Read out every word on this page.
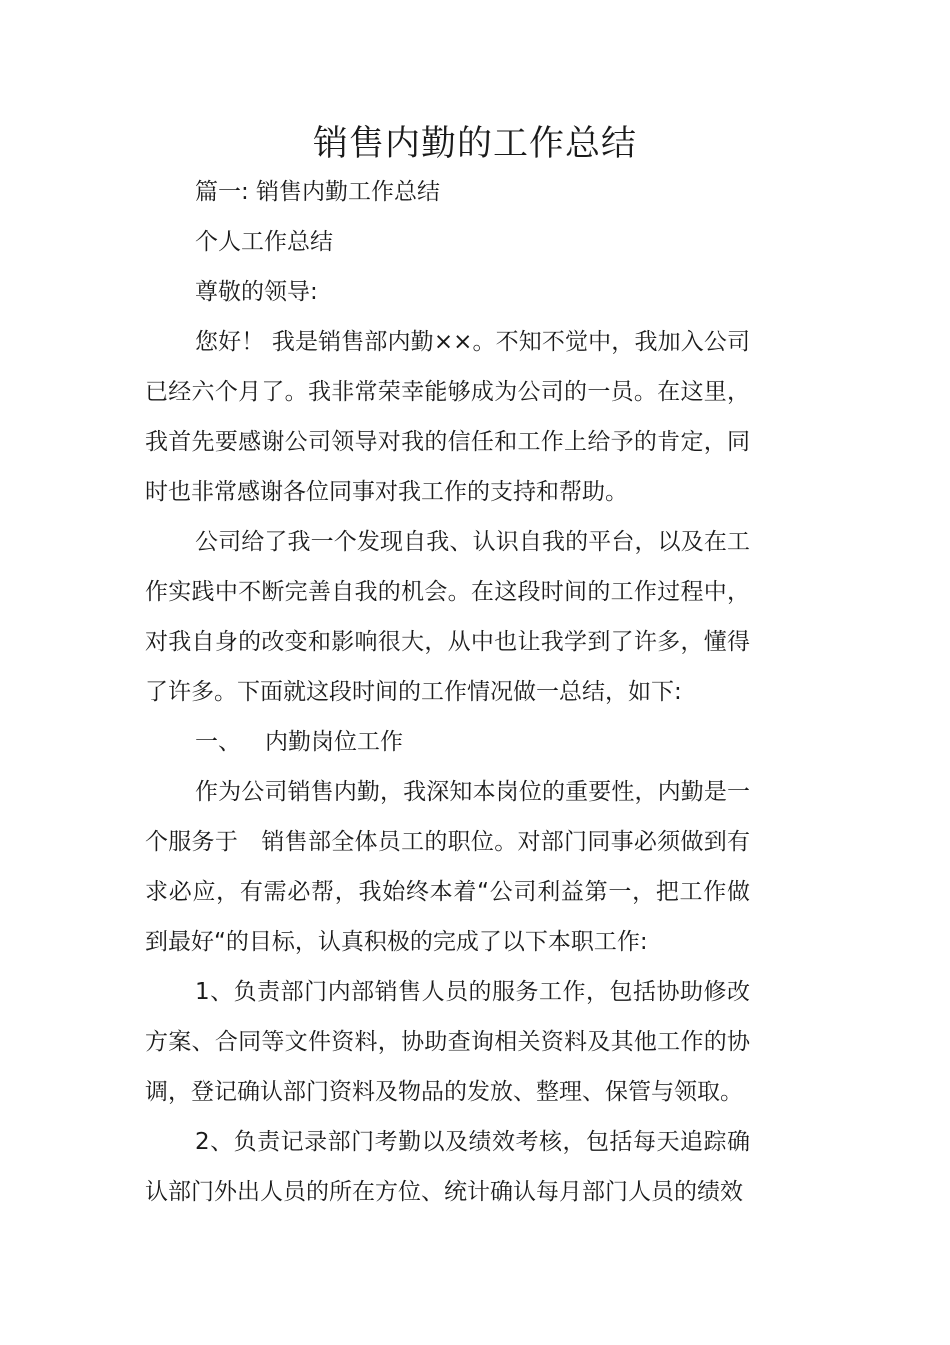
销售内勤的工作总结

篇一: 销售内勤工作总结

个人工作总结

尊敬的领导:

您好！ 我是销售部内勤××。不知不觉中，我加入公司已经六个月了。我非常荣幸能够成为公司的一员。在这里，我首先要感谢公司领导对我的信任和工作上给予的肯定，同时也非常感谢各位同事对我工作的支持和帮助。

公司给了我一个发现自我、认识自我的平台，以及在工作实践中不断完善自我的机会。在这段时间的工作过程中，对我自身的改变和影响很大，从中也让我学到了许多，懂得了许多。下面就这段时间的工作情况做一总结，如下:

一、 内勤岗位工作

作为公司销售内勤，我深知本岗位的重要性，内勤是一个服务于　销售部全体员工的职位。对部门同事必须做到有求必应，有需必帮，我始终本着“公司利益第一，把工作做到最好“的目标，认真积极的完成了以下本职工作:

1、负责部门内部销售人员的服务工作，包括协助修改方案、合同等文件资料，协助查询相关资料及其他工作的协调，登记确认部门资料及物品的发放、整理、保管与领取。

2、负责记录部门考勤以及绩效考核，包括每天追踪确认部门外出人员的所在方位、统计确认每月部门人员的绩效
